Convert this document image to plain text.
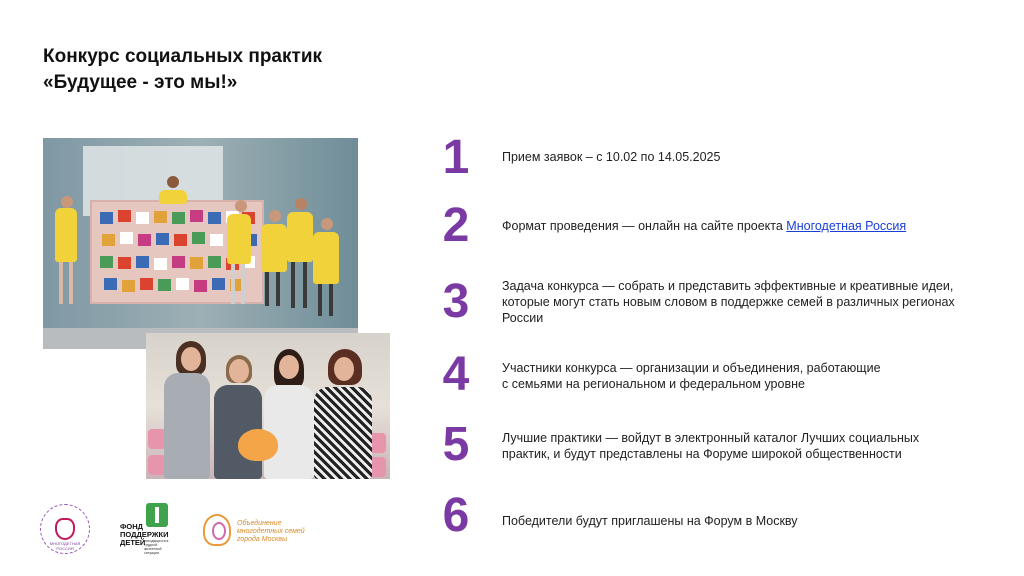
Конкурс социальных практик
«Будущее - это мы!»
1	Прием заявок – с 10.02 по 14.05.2025
2	Формат проведения — онлайн на сайте проекта Многодетная Россия
3	Задача конкурса — собрать и представить эффективные и креативные идеи, которые могут стать новым словом в поддержке семей в различных регионах России
4	Участники конкурса — организации и объединения, работающие
с семьями на региональном и федеральном уровне
5	Лучшие практики — войдут в электронный каталог Лучших социальных практик, и будут представлены на Форуме широкой общественности
6	Победители будут приглашены на Форум в Москву
МНОГОДЕТНАЯ РОССИЯ
ФОНД
ПОДДЕРЖКИ
ДЕТЕЙ
находящихся в трудной жизненной ситуации
Объединение
многодетных семей
города Москвы
